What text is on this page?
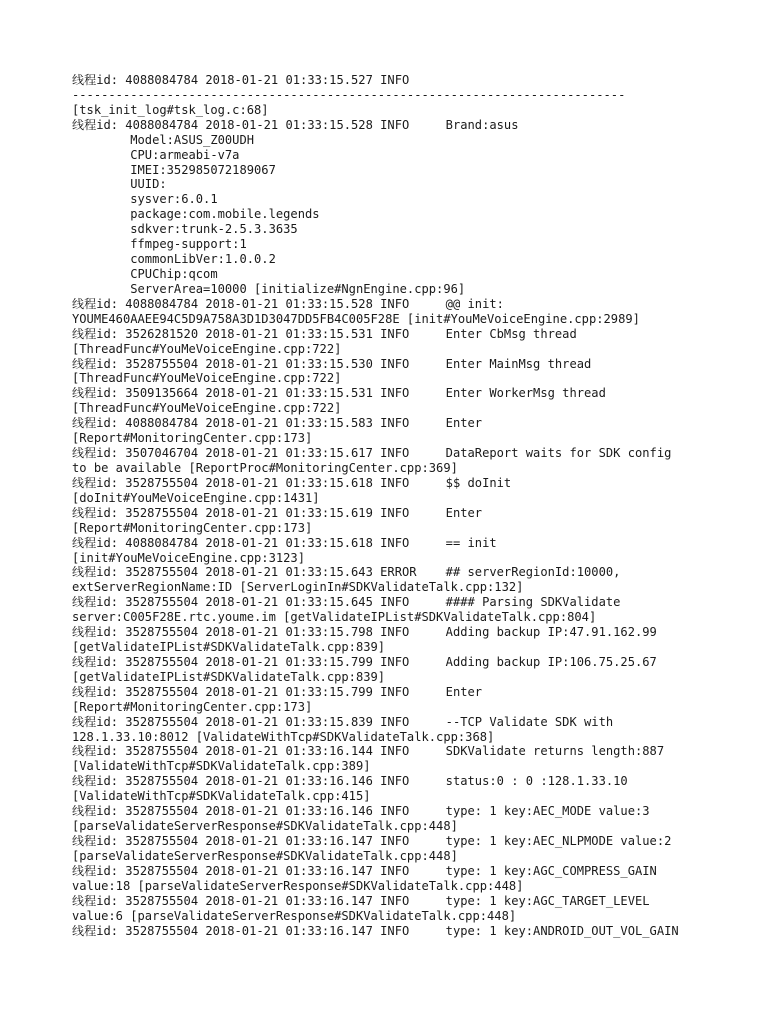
线程id: 4088084784 2018-01-21 01:33:15.527 INFO
----------------------------------------------------------------------------
[tsk_init_log#tsk_log.c:68]
线程id: 4088084784 2018-01-21 01:33:15.528 INFO     Brand:asus
Model:ASUS_Z00UDH
CPU:armeabi-v7a
IMEI:352985072189067
UUID:
sysver:6.0.1
package:com.mobile.legends
sdkver:trunk-2.5.3.3635
ffmpeg-support:1
commonLibVer:1.0.0.2
CPUChip:qcom
ServerArea=10000 [initialize#NgnEngine.cpp:96]
线程id: 4088084784 2018-01-21 01:33:15.528 INFO     @@ init:
YOUME460AAEE94C5D9A758A3D1D3047DD5FB4C005F28E [init#YouMeVoiceEngine.cpp:2989]
线程id: 3526281520 2018-01-21 01:33:15.531 INFO     Enter CbMsg thread
[ThreadFunc#YouMeVoiceEngine.cpp:722]
线程id: 3528755504 2018-01-21 01:33:15.530 INFO     Enter MainMsg thread
[ThreadFunc#YouMeVoiceEngine.cpp:722]
线程id: 3509135664 2018-01-21 01:33:15.531 INFO     Enter WorkerMsg thread
[ThreadFunc#YouMeVoiceEngine.cpp:722]
线程id: 4088084784 2018-01-21 01:33:15.583 INFO     Enter
[Report#MonitoringCenter.cpp:173]
线程id: 3507046704 2018-01-21 01:33:15.617 INFO     DataReport waits for SDK config
to be available [ReportProc#MonitoringCenter.cpp:369]
线程id: 3528755504 2018-01-21 01:33:15.618 INFO     $$ doInit
[doInit#YouMeVoiceEngine.cpp:1431]
线程id: 3528755504 2018-01-21 01:33:15.619 INFO     Enter
[Report#MonitoringCenter.cpp:173]
线程id: 4088084784 2018-01-21 01:33:15.618 INFO     == init
[init#YouMeVoiceEngine.cpp:3123]
线程id: 3528755504 2018-01-21 01:33:15.643 ERROR    ## serverRegionId:10000,
extServerRegionName:ID [ServerLoginIn#SDKValidateTalk.cpp:132]
线程id: 3528755504 2018-01-21 01:33:15.645 INFO     #### Parsing SDKValidate
server:C005F28E.rtc.youme.im [getValidateIPList#SDKValidateTalk.cpp:804]
线程id: 3528755504 2018-01-21 01:33:15.798 INFO     Adding backup IP:47.91.162.99
[getValidateIPList#SDKValidateTalk.cpp:839]
线程id: 3528755504 2018-01-21 01:33:15.799 INFO     Adding backup IP:106.75.25.67
[getValidateIPList#SDKValidateTalk.cpp:839]
线程id: 3528755504 2018-01-21 01:33:15.799 INFO     Enter
[Report#MonitoringCenter.cpp:173]
线程id: 3528755504 2018-01-21 01:33:15.839 INFO     --TCP Validate SDK with
128.1.33.10:8012 [ValidateWithTcp#SDKValidateTalk.cpp:368]
线程id: 3528755504 2018-01-21 01:33:16.144 INFO     SDKValidate returns length:887
[ValidateWithTcp#SDKValidateTalk.cpp:389]
线程id: 3528755504 2018-01-21 01:33:16.146 INFO     status:0 : 0 :128.1.33.10
[ValidateWithTcp#SDKValidateTalk.cpp:415]
线程id: 3528755504 2018-01-21 01:33:16.146 INFO     type: 1 key:AEC_MODE value:3
[parseValidateServerResponse#SDKValidateTalk.cpp:448]
线程id: 3528755504 2018-01-21 01:33:16.147 INFO     type: 1 key:AEC_NLPMODE value:2
[parseValidateServerResponse#SDKValidateTalk.cpp:448]
线程id: 3528755504 2018-01-21 01:33:16.147 INFO     type: 1 key:AGC_COMPRESS_GAIN
value:18 [parseValidateServerResponse#SDKValidateTalk.cpp:448]
线程id: 3528755504 2018-01-21 01:33:16.147 INFO     type: 1 key:AGC_TARGET_LEVEL
value:6 [parseValidateServerResponse#SDKValidateTalk.cpp:448]
线程id: 3528755504 2018-01-21 01:33:16.147 INFO     type: 1 key:ANDROID_OUT_VOL_GAIN
